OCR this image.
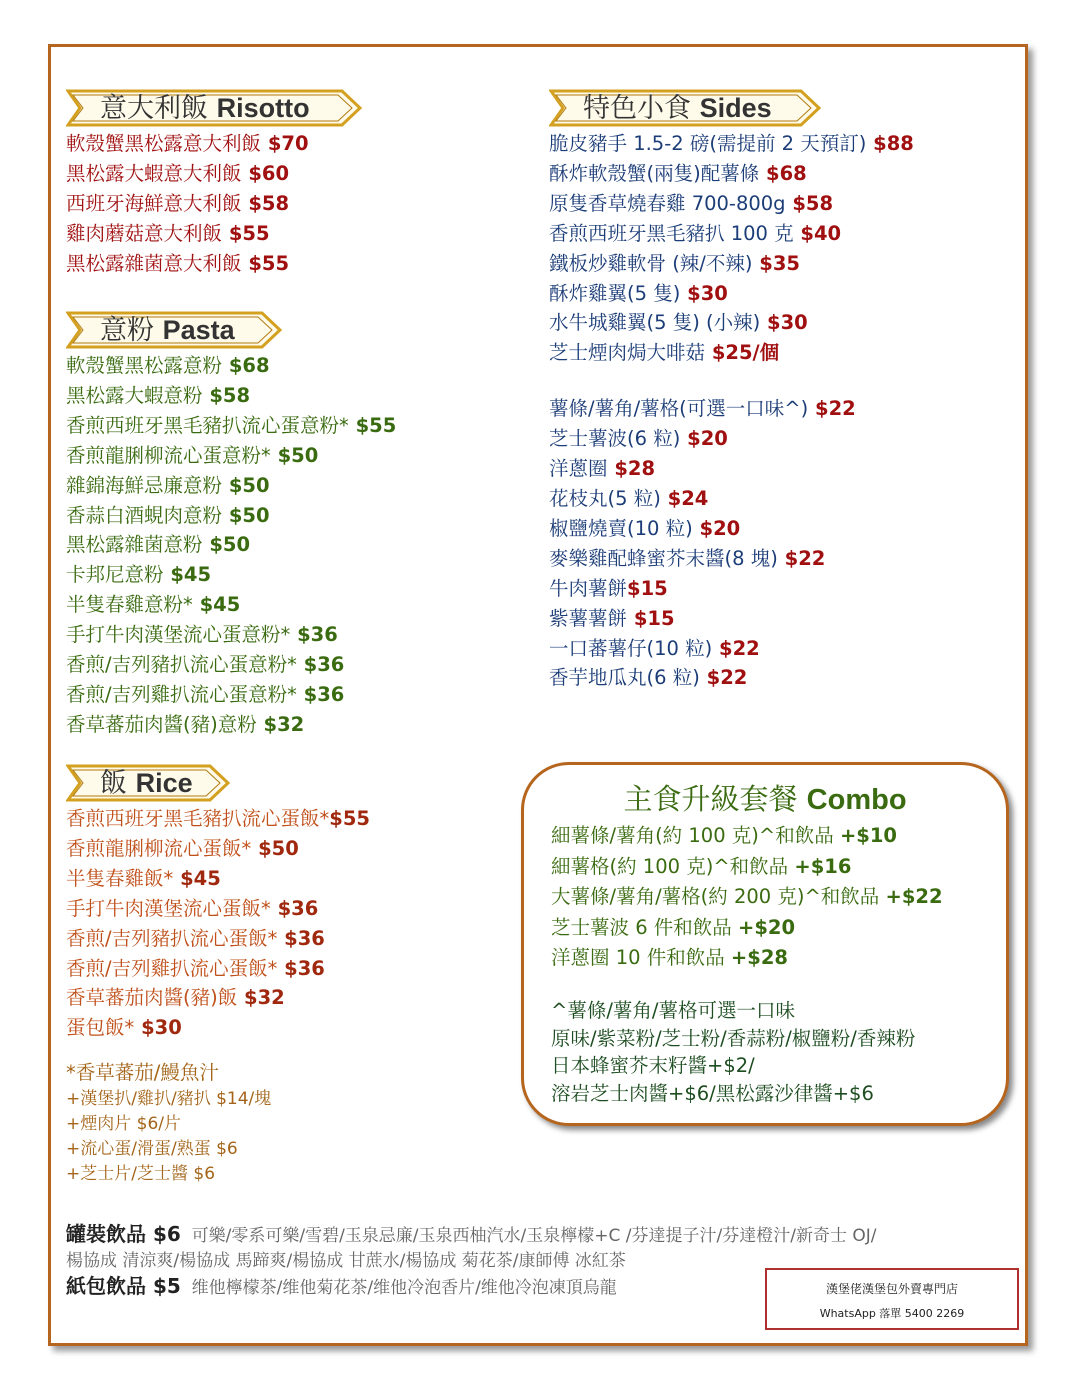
意大利飯 Risotto
軟殼蟹黑松露意大利飯 $70
黑松露大蝦意大利飯 $60
西班牙海鮮意大利飯 $58
雞肉蘑菇意大利飯 $55
黑松露雜菌意大利飯 $55
意粉 Pasta
軟殼蟹黑松露意粉 $68
黑松露大蝦意粉 $58
香煎西班牙黑毛豬扒流心蛋意粉* $55
香煎龍脷柳流心蛋意粉* $50
雜錦海鮮忌廉意粉 $50
香蒜白酒蜆肉意粉 $50
黑松露雜菌意粉 $50
卡邦尼意粉 $45
半隻春雞意粉* $45
手打牛肉漢堡流心蛋意粉* $36
香煎/吉列豬扒流心蛋意粉* $36
香煎/吉列雞扒流心蛋意粉* $36
香草蕃茄肉醬(豬)意粉 $32
飯 Rice
香煎西班牙黑毛豬扒流心蛋飯*$55
香煎龍脷柳流心蛋飯* $50
半隻春雞飯* $45
手打牛肉漢堡流心蛋飯* $36
香煎/吉列豬扒流心蛋飯* $36
香煎/吉列雞扒流心蛋飯* $36
香草蕃茄肉醬(豬)飯 $32
蛋包飯* $30
*香草蕃茄/鰻魚汁
+漢堡扒/雞扒/豬扒 $14/塊
+煙肉片 $6/片
+流心蛋/滑蛋/熟蛋 $6
+芝士片/芝士醬 $6
特色小食 Sides
脆皮豬手 1.5-2 磅(需提前 2 天預訂) $88
酥炸軟殼蟹(兩隻)配薯條 $68
原隻香草燒春雞 700-800g $58
香煎西班牙黑毛豬扒 100 克 $40
鐵板炒雞軟骨 (辣/不辣) $35
酥炸雞翼(5 隻) $30
水牛城雞翼(5 隻) (小辣) $30
芝士煙肉焗大啡菇 $25/個
薯條/薯角/薯格(可選一口味^) $22
芝士薯波(6 粒) $20
洋蔥圈 $28
花枝丸(5 粒) $24
椒鹽燒賣(10 粒) $20
麥樂雞配蜂蜜芥末醬(8 塊) $22
牛肉薯餅$15
紫薯薯餅 $15
一口蕃薯仔(10 粒) $22
香芋地瓜丸(6 粒) $22
主食升級套餐 Combo
細薯條/薯角(約 100 克)^和飲品 +$10
細薯格(約 100 克)^和飲品 +$16
大薯條/薯角/薯格(約 200 克)^和飲品 +$22
芝士薯波 6 件和飲品 +$20
洋蔥圈 10 件和飲品 +$28
^薯條/薯角/薯格可選一口味
原味/紫菜粉/芝士粉/香蒜粉/椒鹽粉/香辣粉
日本蜂蜜芥末籽醬+$2/
溶岩芝士肉醬+$6/黑松露沙律醬+$6
罐裝飲品 $6 可樂/零系可樂/雪碧/玉泉忌廉/玉泉西柚汽水/玉泉檸檬+C /芬達提子汁/芬達橙汁/新奇士 OJ/
楊協成 清涼爽/楊協成 馬蹄爽/楊協成 甘蔗水/楊協成 菊花茶/康師傅 冰紅茶
紙包飲品 $5 维他檸檬茶/维他菊花茶/维他冷泡香片/维他冷泡凍頂烏龍	漢堡佬漢堡包外賣專門店
WhatsApp 落單 5400 2269
